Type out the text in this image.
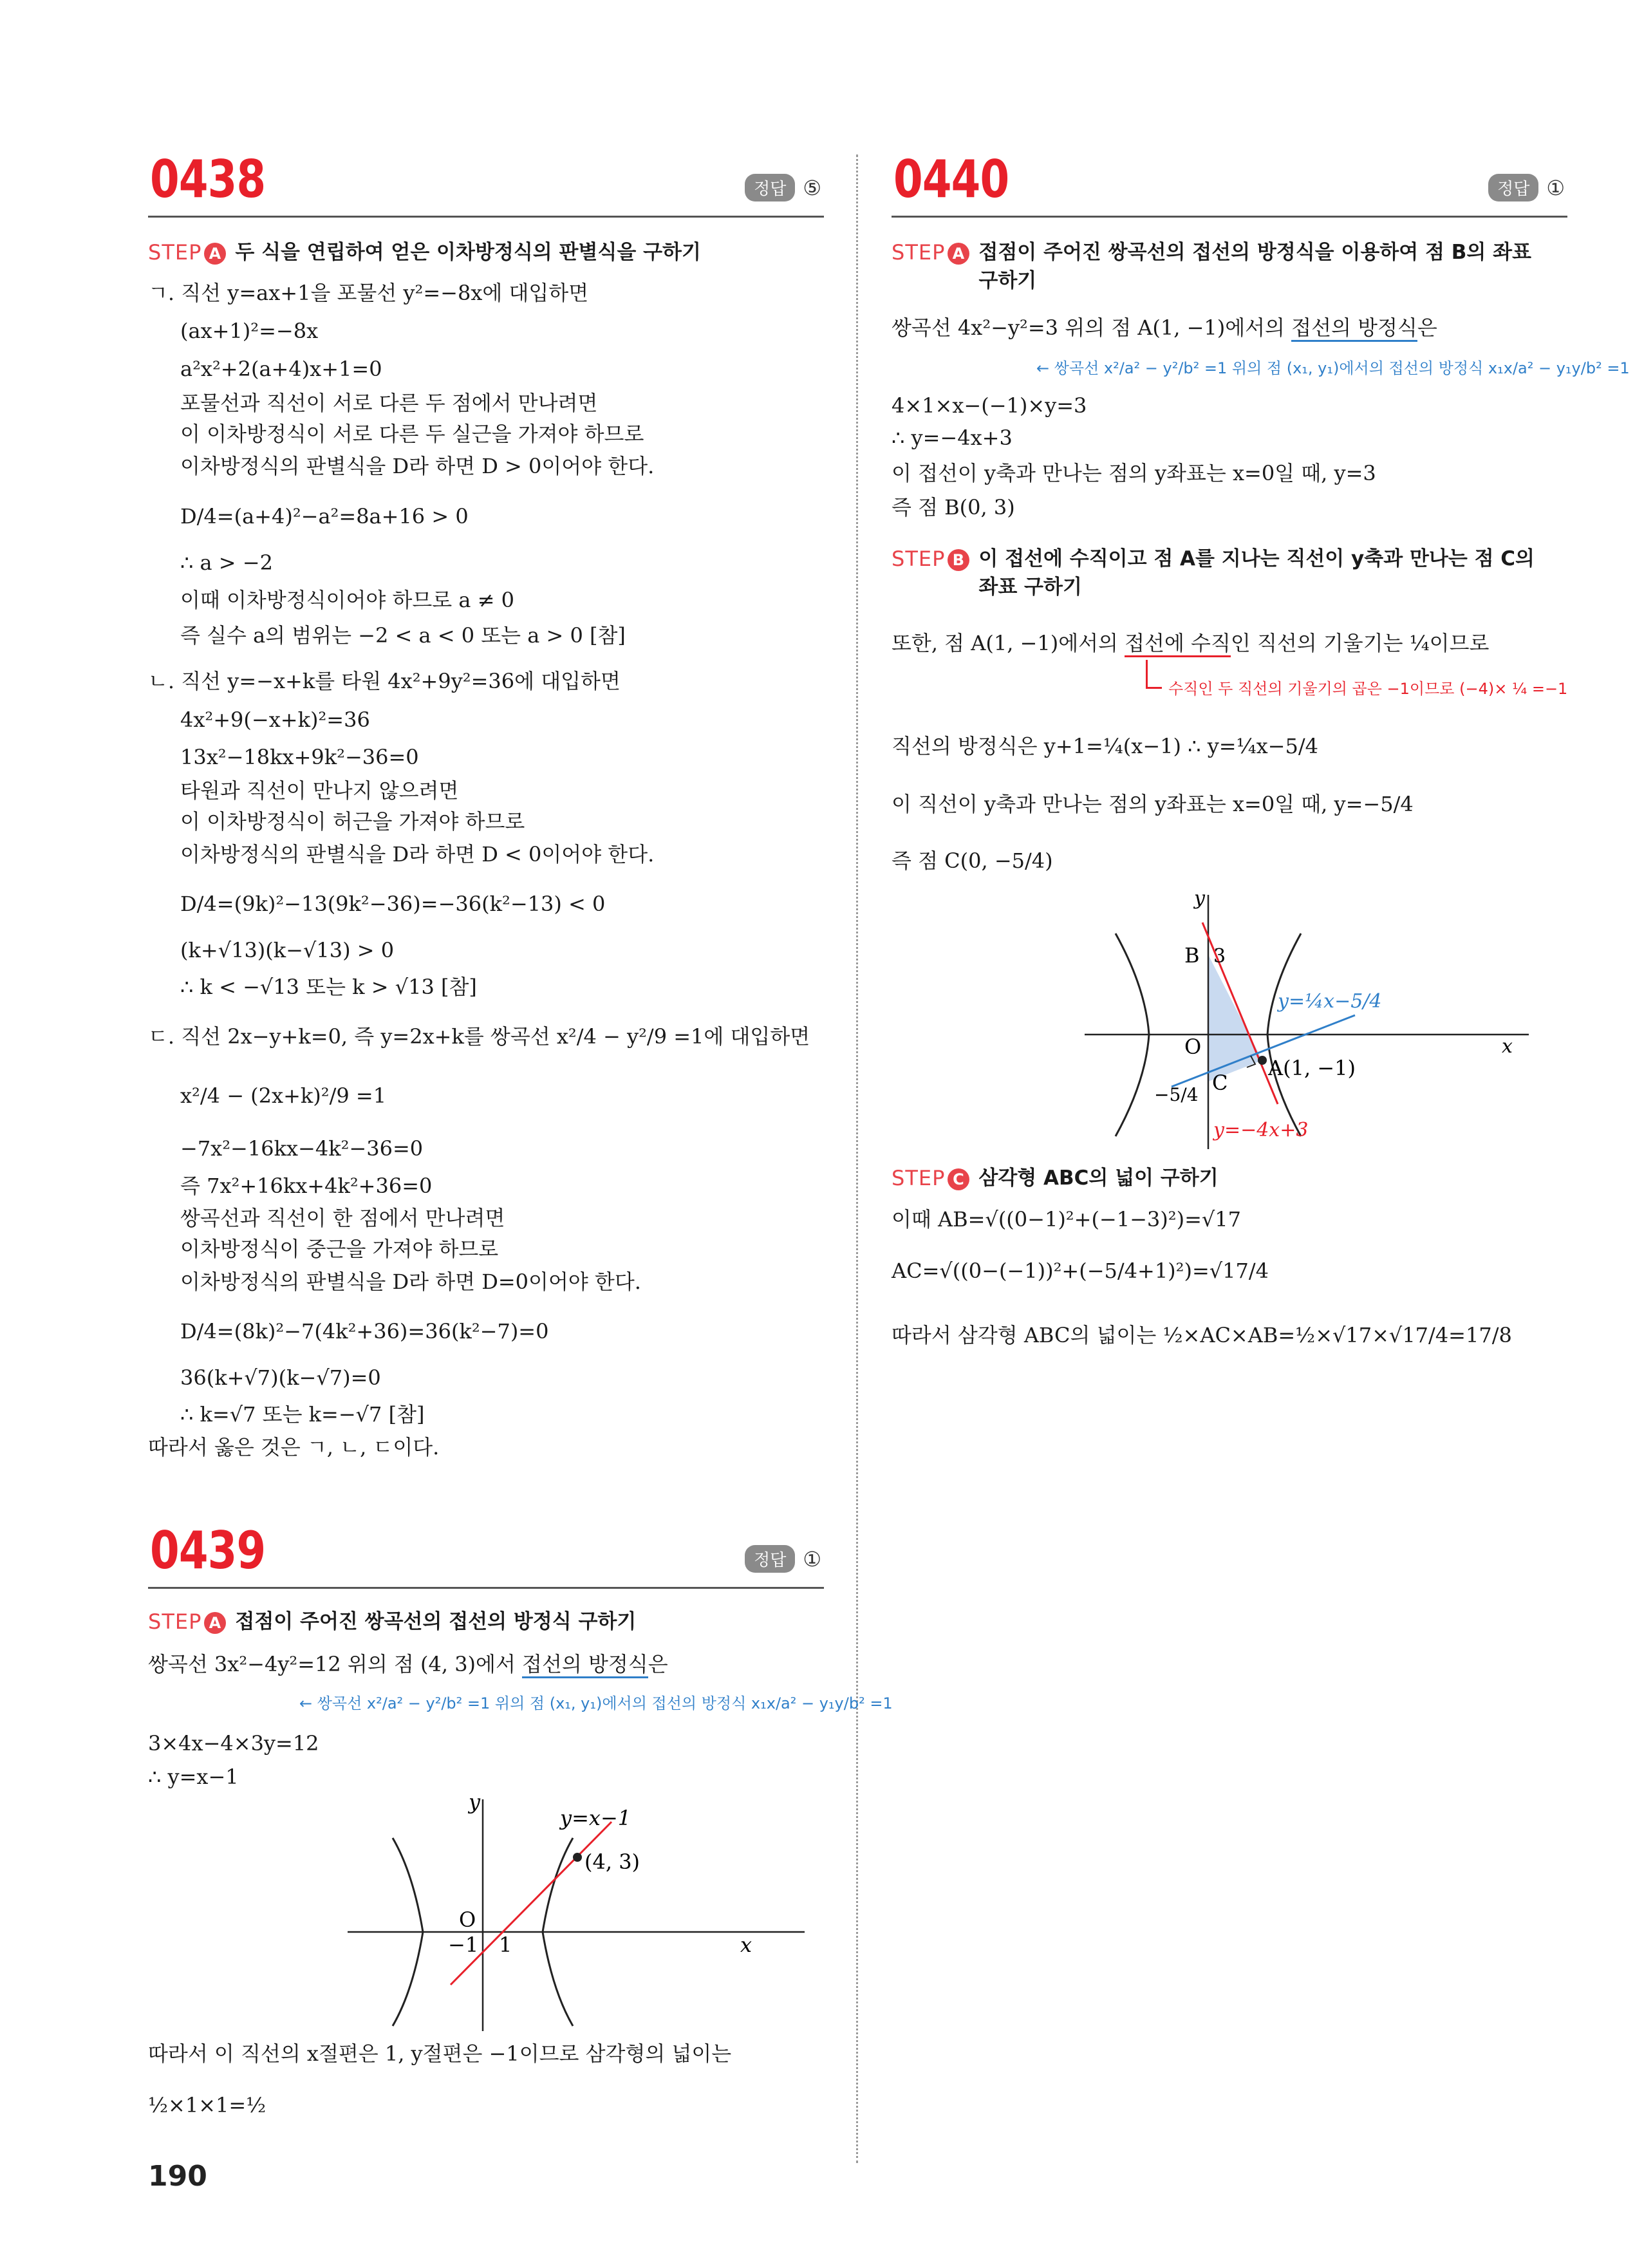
0438	정답 ⑤
STEP A 두 식을 연립하여 얻은 이차방정식의 판별식을 구하기
ㄱ. 직선 y=ax+1을 포물선 y²=−8x에 대입하면
(ax+1)²=−8x
a²x²+2(a+4)x+1=0
포물선과 직선이 서로 다른 두 점에서 만나려면
이 이차방정식이 서로 다른 두 실근을 가져야 하므로
이차방정식의 판별식을 D라 하면 D > 0이어야 한다.
D/4=(a+4)²−a²=8a+16 > 0
∴ a > −2
이때 이차방정식이어야 하므로 a ≠ 0
즉 실수 a의 범위는 −2 < a < 0 또는 a > 0 [참]
ㄴ. 직선 y=−x+k를 타원 4x²+9y²=36에 대입하면
4x²+9(−x+k)²=36
13x²−18kx+9k²−36=0
타원과 직선이 만나지 않으려면
이 이차방정식이 허근을 가져야 하므로
이차방정식의 판별식을 D라 하면 D < 0이어야 한다.
D/4=(9k)²−13(9k²−36)=−36(k²−13) < 0
(k+√13)(k−√13) > 0
∴ k < −√13 또는 k > √13 [참]
ㄷ. 직선 2x−y+k=0, 즉 y=2x+k를 쌍곡선 x²/4 − y²/9 =1에 대입하면
x²/4 − (2x+k)²/9 =1
−7x²−16kx−4k²−36=0
즉 7x²+16kx+4k²+36=0
쌍곡선과 직선이 한 점에서 만나려면
이차방정식이 중근을 가져야 하므로
이차방정식의 판별식을 D라 하면 D=0이어야 한다.
D/4=(8k)²−7(4k²+36)=36(k²−7)=0
36(k+√7)(k−√7)=0
∴ k=√7 또는 k=−√7 [참]
따라서 옳은 것은 ㄱ, ㄴ, ㄷ이다.
0439	정답 ①
STEP A 접점이 주어진 쌍곡선의 접선의 방정식 구하기
쌍곡선 3x²−4y²=12 위의 점 (4, 3)에서 접선의 방정식은
← 쌍곡선 x²/a² − y²/b² =1 위의 점 (x₁, y₁)에서의 접선의 방정식 x₁x/a² − y₁y/b² =1
3×4x−4×3y=12
∴ y=x−1
y
x
O
y=x−1
(4, 3)
1
−1
따라서 이 직선의 x절편은 1, y절편은 −1이므로 삼각형의 넓이는
½×1×1=½
0440	정답 ①
STEP A 접점이 주어진 쌍곡선의 접선의 방정식을 이용하여 점 B의 좌표
구하기
쌍곡선 4x²−y²=3 위의 점 A(1, −1)에서의 접선의 방정식은
← 쌍곡선 x²/a² − y²/b² =1 위의 점 (x₁, y₁)에서의 접선의 방정식 x₁x/a² − y₁y/b² =1
4×1×x−(−1)×y=3
∴ y=−4x+3
이 접선이 y축과 만나는 점의 y좌표는 x=0일 때, y=3
즉 점 B(0, 3)
STEP B 이 접선에 수직이고 점 A를 지나는 직선이 y축과 만나는 점 C의
좌표 구하기
또한, 점 A(1, −1)에서의 접선에 수직인 직선의 기울기는 ¼이므로
수직인 두 직선의 기울기의 곱은 −1이므로 (−4)× ¼ =−1
직선의 방정식은 y+1=¼(x−1) ∴ y=¼x−5/4
이 직선이 y축과 만나는 점의 y좌표는 x=0일 때, y=−5/4
즉 점 C(0, −5/4)
y
x
O
B 3
C
−5/4
A(1, −1)
y=¼x−5/4
y=−4x+3
STEP C 삼각형 ABC의 넓이 구하기
이때 AB=√((0−1)²+(−1−3)²)=√17
AC=√((0−(−1))²+(−5/4+1)²)=√17/4
따라서 삼각형 ABC의 넓이는 ½×AC×AB=½×√17×√17/4=17/8
190
